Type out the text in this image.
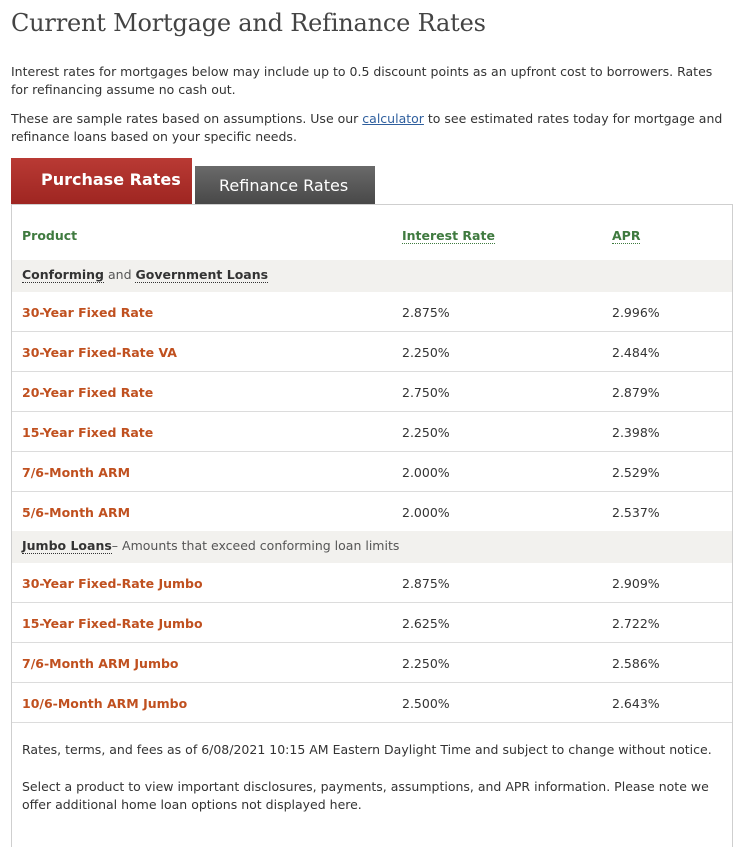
Current Mortgage and Refinance Rates

Interest rates for mortgages below may include up to 0.5 discount points as an upfront cost to borrowers. Rates for refinancing assume no cash out.

These are sample rates based on assumptions. Use our calculator to see estimated rates today for mortgage and refinance loans based on your specific needs.

Purchase Rates	Refinance Rates
Product	Interest Rate	APR
Conforming and Government Loans
30-Year Fixed Rate	2.875%	2.996%
30-Year Fixed-Rate VA	2.250%	2.484%
20-Year Fixed Rate	2.750%	2.879%
15-Year Fixed Rate	2.250%	2.398%
7/6-Month ARM	2.000%	2.529%
5/6-Month ARM	2.000%	2.537%
Jumbo Loans– Amounts that exceed conforming loan limits
30-Year Fixed-Rate Jumbo	2.875%	2.909%
15-Year Fixed-Rate Jumbo	2.625%	2.722%
7/6-Month ARM Jumbo	2.250%	2.586%
10/6-Month ARM Jumbo	2.500%	2.643%

Rates, terms, and fees as of 6/08/2021 10:15 AM Eastern Daylight Time and subject to change without notice.

Select a product to view important disclosures, payments, assumptions, and APR information. Please note we offer additional home loan options not displayed here.
